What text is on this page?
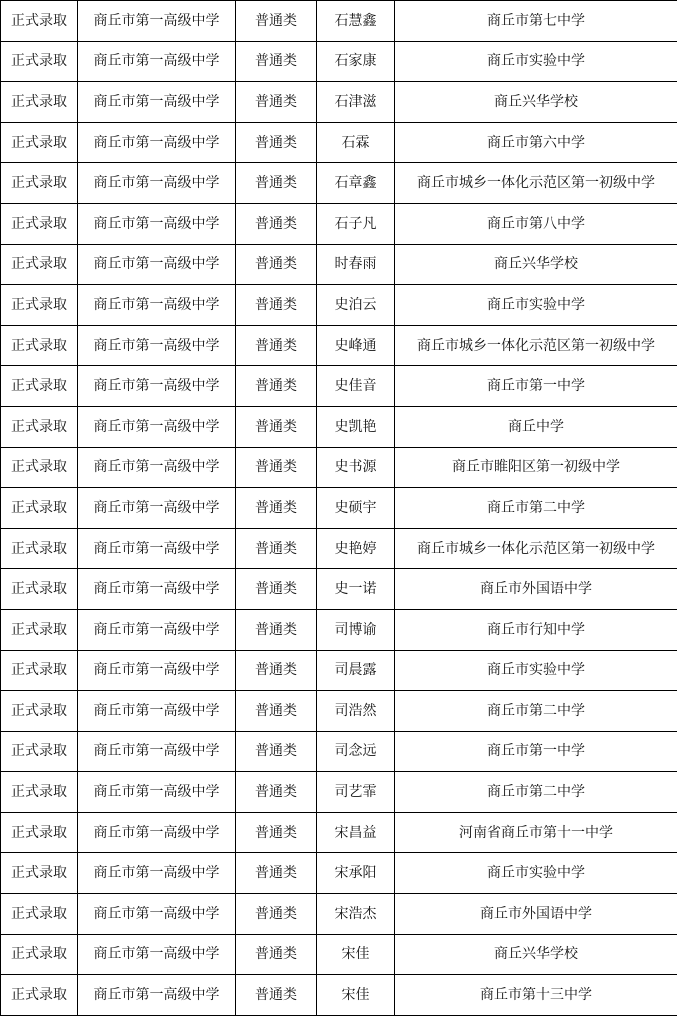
正式录取	商丘市第一高级中学	普通类	石慧鑫	商丘市第七中学
正式录取	商丘市第一高级中学	普通类	石家康	商丘市实验中学
正式录取	商丘市第一高级中学	普通类	石津滋	商丘兴华学校
正式录取	商丘市第一高级中学	普通类	石霖	商丘市第六中学
正式录取	商丘市第一高级中学	普通类	石章鑫	商丘市城乡一体化示范区第一初级中学
正式录取	商丘市第一高级中学	普通类	石子凡	商丘市第八中学
正式录取	商丘市第一高级中学	普通类	时春雨	商丘兴华学校
正式录取	商丘市第一高级中学	普通类	史泊云	商丘市实验中学
正式录取	商丘市第一高级中学	普通类	史峰通	商丘市城乡一体化示范区第一初级中学
正式录取	商丘市第一高级中学	普通类	史佳音	商丘市第一中学
正式录取	商丘市第一高级中学	普通类	史凯艳	商丘中学
正式录取	商丘市第一高级中学	普通类	史书源	商丘市睢阳区第一初级中学
正式录取	商丘市第一高级中学	普通类	史硕宇	商丘市第二中学
正式录取	商丘市第一高级中学	普通类	史艳婷	商丘市城乡一体化示范区第一初级中学
正式录取	商丘市第一高级中学	普通类	史一诺	商丘市外国语中学
正式录取	商丘市第一高级中学	普通类	司博谕	商丘市行知中学
正式录取	商丘市第一高级中学	普通类	司晨露	商丘市实验中学
正式录取	商丘市第一高级中学	普通类	司浩然	商丘市第二中学
正式录取	商丘市第一高级中学	普通类	司念远	商丘市第一中学
正式录取	商丘市第一高级中学	普通类	司艺霏	商丘市第二中学
正式录取	商丘市第一高级中学	普通类	宋昌益	河南省商丘市第十一中学
正式录取	商丘市第一高级中学	普通类	宋承阳	商丘市实验中学
正式录取	商丘市第一高级中学	普通类	宋浩杰	商丘市外国语中学
正式录取	商丘市第一高级中学	普通类	宋佳	商丘兴华学校
正式录取	商丘市第一高级中学	普通类	宋佳	商丘市第十三中学
